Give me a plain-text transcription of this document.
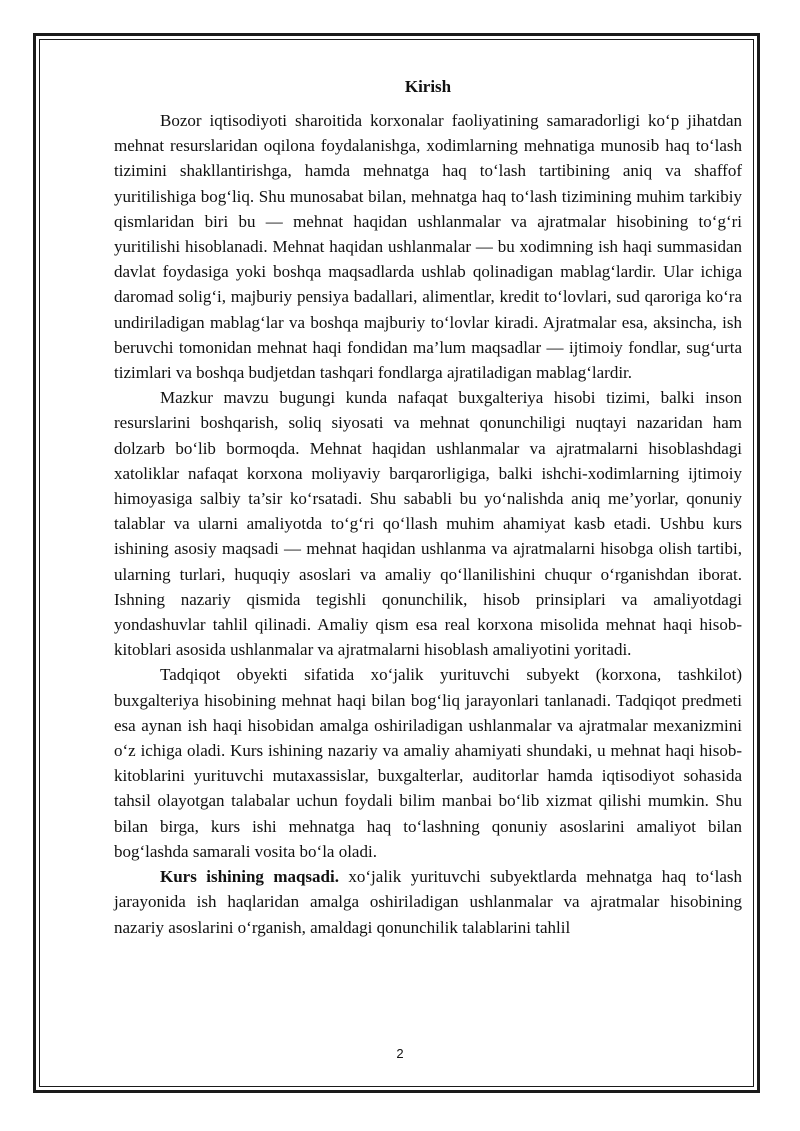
Kirish

Bozor iqtisodiyoti sharoitida korxonalar faoliyatining samaradorligi ko‘p jihatdan mehnat resurslaridan oqilona foydalanishga, xodimlarning mehnatiga munosib haq to‘lash tizimini shakllantirishga, hamda mehnatga haq to‘lash tartibining aniq va shaffof yuritilishiga bog‘liq. Shu munosabat bilan, mehnatga haq to‘lash tizimining muhim tarkibiy qismlaridan biri bu — mehnat haqidan ushlanmalar va ajratmalar hisobining to‘g‘ri yuritilishi hisoblanadi. Mehnat haqidan ushlanmalar — bu xodimning ish haqi summasidan davlat foydasiga yoki boshqa maqsadlarda ushlab qolinadigan mablag‘lardir. Ular ichiga daromad solig‘i, majburiy pensiya badallari, alimentlar, kredit to‘lovlari, sud qaroriga ko‘ra undiriladigan mablag‘lar va boshqa majburiy to‘lovlar kiradi. Ajratmalar esa, aksincha, ish beruvchi tomonidan mehnat haqi fondidan ma’lum maqsadlar — ijtimoiy fondlar, sug‘urta tizimlari va boshqa budjetdan tashqari fondlarga ajratiladigan mablag‘lardir.

Mazkur mavzu bugungi kunda nafaqat buxgalteriya hisobi tizimi, balki inson resurslarini boshqarish, soliq siyosati va mehnat qonunchiligi nuqtayi nazaridan ham dolzarb bo‘lib bormoqda. Mehnat haqidan ushlanmalar va ajratmalarni hisoblashdagi xatoliklar nafaqat korxona moliyaviy barqarorligiga, balki ishchi-xodimlarning ijtimoiy himoyasiga salbiy ta’sir ko‘rsatadi. Shu sababli bu yo‘nalishda aniq me’yorlar, qonuniy talablar va ularni amaliyotda to‘g‘ri qo‘llash muhim ahamiyat kasb etadi. Ushbu kurs ishining asosiy maqsadi — mehnat haqidan ushlanma va ajratmalarni hisobga olish tartibi, ularning turlari, huquqiy asoslari va amaliy qo‘llanilishini chuqur o‘rganishdan iborat. Ishning nazariy qismida tegishli qonunchilik, hisob prinsiplari va amaliyotdagi yondashuvlar tahlil qilinadi. Amaliy qism esa real korxona misolida mehnat haqi hisob-kitoblari asosida ushlanmalar va ajratmalarni hisoblash amaliyotini yoritadi.

Tadqiqot obyekti sifatida xo‘jalik yurituvchi subyekt (korxona, tashkilot) buxgalteriya hisobining mehnat haqi bilan bog‘liq jarayonlari tanlanadi. Tadqiqot predmeti esa aynan ish haqi hisobidan amalga oshiriladigan ushlanmalar va ajratmalar mexanizmini o‘z ichiga oladi. Kurs ishining nazariy va amaliy ahamiyati shundaki, u mehnat haqi hisob-kitoblarini yurituvchi mutaxassislar, buxgalterlar, auditorlar hamda iqtisodiyot sohasida tahsil olayotgan talabalar uchun foydali bilim manbai bo‘lib xizmat qilishi mumkin. Shu bilan birga, kurs ishi mehnatga haq to‘lashning qonuniy asoslarini amaliyot bilan bog‘lashda samarali vosita bo‘la oladi.

Kurs ishining maqsadi. xo‘jalik yurituvchi subyektlarda mehnatga haq to‘lash jarayonida ish haqlaridan amalga oshiriladigan ushlanmalar va ajratmalar hisobining nazariy asoslarini o‘rganish, amaldagi qonunchilik talablarini tahlil

2
